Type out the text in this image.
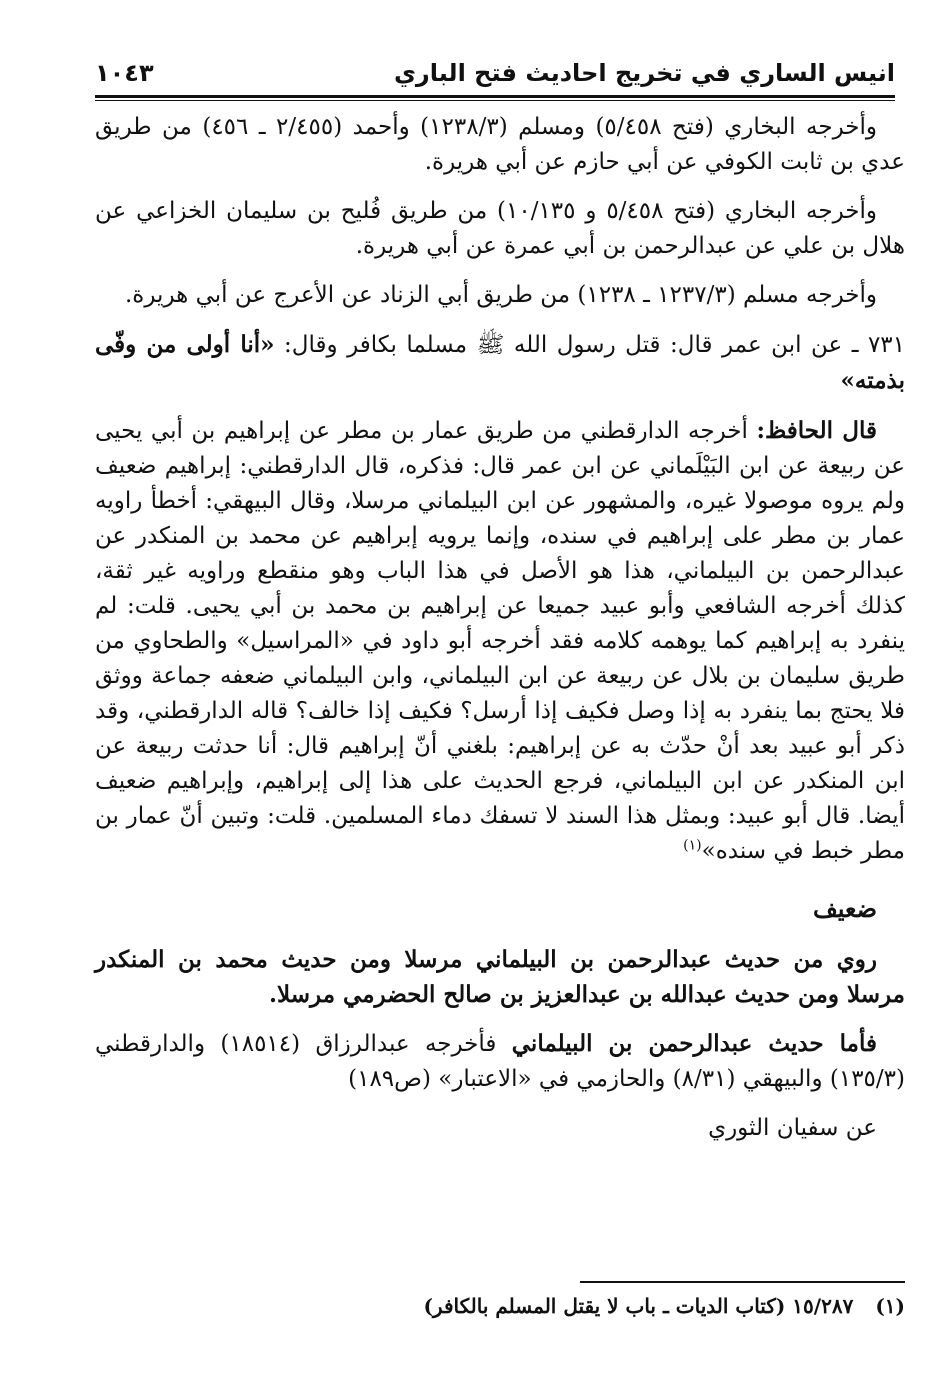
انيس الساري في تخريج احاديث فتح الباري
١٠٤٣

وأخرجه البخاري (فتح ٥/٤٥٨) ومسلم (١٢٣٨/٣) وأحمد (٢/٤٥٥ ـ ٤٥٦) من طريق عدي بن ثابت الكوفي عن أبي حازم عن أبي هريرة.

وأخرجه البخاري (فتح ٥/٤٥٨ و ١٠/١٣٥) من طريق فُليح بن سليمان الخزاعي عن هلال بن علي عن عبدالرحمن بن أبي عمرة عن أبي هريرة.

وأخرجه مسلم (١٢٣٧/٣ ـ ١٢٣٨) من طريق أبي الزناد عن الأعرج عن أبي هريرة.

٧٣١ ـ عن ابن عمر قال: قتل رسول الله ﷺ مسلما بكافر وقال: «أنا أولى من وفّى بذمته»

قال الحافظ: أخرجه الدارقطني من طريق عمار بن مطر عن إبراهيم بن أبي يحيى عن ربيعة عن ابن البَيْلَماني عن ابن عمر قال: فذكره، قال الدارقطني: إبراهيم ضعيف ولم يروه موصولا غيره، والمشهور عن ابن البيلماني مرسلا، وقال البيهقي: أخطأ راويه عمار بن مطر على إبراهيم في سنده، وإنما يرويه إبراهيم عن محمد بن المنكدر عن عبدالرحمن بن البيلماني، هذا هو الأصل في هذا الباب وهو منقطع وراويه غير ثقة، كذلك أخرجه الشافعي وأبو عبيد جميعا عن إبراهيم بن محمد بن أبي يحيى. قلت: لم ينفرد به إبراهيم كما يوهمه كلامه فقد أخرجه أبو داود في «المراسيل» والطحاوي من طريق سليمان بن بلال عن ربيعة عن ابن البيلماني، وابن البيلماني ضعفه جماعة ووثق فلا يحتج بما ينفرد به إذا وصل فكيف إذا أرسل؟ فكيف إذا خالف؟ قاله الدارقطني، وقد ذكر أبو عبيد بعد أنْ حدّث به عن إبراهيم: بلغني أنّ إبراهيم قال: أنا حدثت ربيعة عن ابن المنكدر عن ابن البيلماني، فرجع الحديث على هذا إلى إبراهيم، وإبراهيم ضعيف أيضا. قال أبو عبيد: وبمثل هذا السند لا تسفك دماء المسلمين. قلت: وتبين أنّ عمار بن مطر خبط في سنده»$^{(١)}$

ضعيف

روي من حديث عبدالرحمن بن البيلماني مرسلا ومن حديث محمد بن المنكدر مرسلا ومن حديث عبدالله بن عبدالعزيز بن صالح الحضرمي مرسلا.

فأما حديث عبدالرحمن بن البيلماني فأخرجه عبدالرزاق (١٨٥١٤) والدارقطني (١٣٥/٣) والبيهقي (٨/٣١) والحازمي في «الاعتبار» (ص١٨٩)

عن سفيان الثوري

(١)١٥/٢٨٧ (كتاب الديات ـ باب لا يقتل المسلم بالكافر)
